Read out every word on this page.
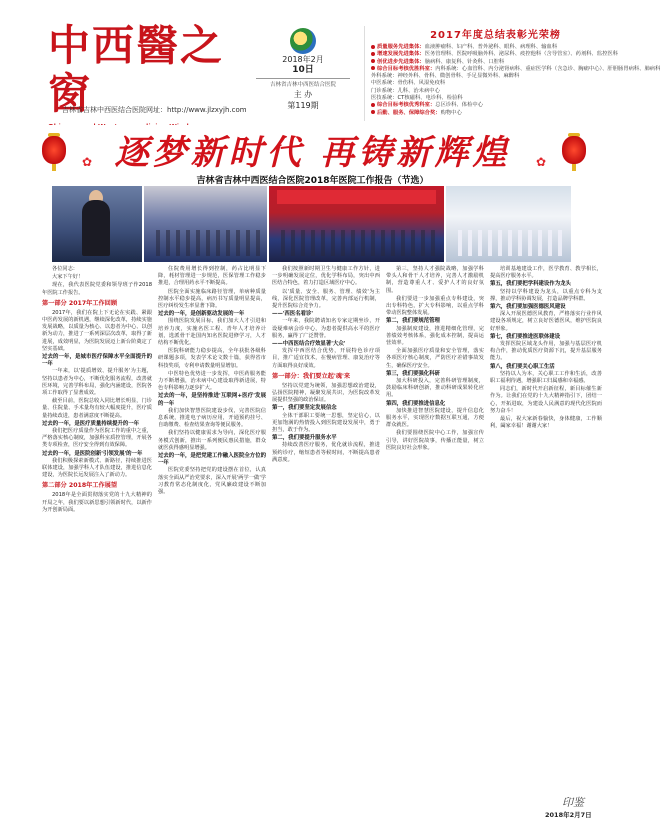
中西醫之窗
吉林省吉林中西医结合医院网址：http://www.jlzxyjh.com
2018年2月
10日
吉林省吉林中西医结合医院
主 办
第119期
2017年度总结表彰光荣榜
质量服务先进集体：血液肿瘤科、妇产科、普外泌科、眼科、病理科、输血科
增速发展先进集体：医务管理科、医院呼吸脑外科、泌尿科、疫控他科（含导管室）、药剂科、监控医科
创优进步先进集体：脑病科、康复科、针灸科、口腔科
综合目标考核优胜科室：内科系统：心血管科、内分泌肾病科、重症医学科（含急诊、胸痛中心）、肝胆肠胃病科、肺病科
外科系统：神经外科、骨科、微创骨科、手足显微外科、麻醉科
中医系统：骨伤科、风湿免疫科
门诊系统：儿科、治未病中心
医技系统：CT核磁科、电诊科、检验科
综合目标考核优秀科室：总区诊科、体检中心
后勤、服务、保障综合奖：购物中心
✿	✿
逐梦新时代 再铸新辉煌
吉林省吉林中西医结合医院2018年医院工作报告（节选）

各位同志：

大家下午好！

现在，我代表医院党委和领导班子作2018年医院工作报告。

第一部分 2017年工作回顾

2017年，我们在院上下无论在实践、紧跟中医药发展的新机遇，继续深化改革，持续实施发展战略，以质量为核心、以患者为中心、以创新为动力，推进了一系列深层次改革，取得了新进展，成效明显，为医院发展迈上新台阶奠定了坚实基础。

过去的一年，是城市医疗保障水平全面提升的一年

一年来，以'提质增效、提升服务'为主题，坚持以患者为中心，不断优化服务流程，改善就医环境，完善学科布局，强化内涵建设，医院各项工作取得了显著成效。

截至目前，医院总收入同比增长明显，门诊量、住院量、手术量均有较大幅度提升，医疗质量持续改进，患者满意度不断提高。

过去的一年，是医疗质量持续提升的一年

我们把医疗质量作为医院工作的重中之重，严格落实核心制度，加强科室质控管理，开展各类专项检查，医疗安全得到有效保障。

过去的一年，是医院创新'引领发展'的一年

我们积极探索新模式、新路径，持续推进医联体建设，加强学科人才队伍建设，推进信息化建设，为医院长远发展注入了新动力。

第二部分 2018年工作展望

2018年是全面贯彻落实党的十九大精神的开局之年，我们要以新思想引领新时代，以新作为开创新局面。

住院费用增长得到控制，药占比明显下降，耗材管理进一步规范，医保管理工作稳步推进，合理用药水平不断提高。

医院全面实施临床路径管理，单病种质量控制水平稳步提高，病历书写质量明显提高，医疗纠纷发生率显著下降。

过去的一年，是创新驱动发展的一年

围绕医院发展目标，我们加大人才引进和培养力度，实施名医工程、青年人才培养计划，选派骨干赴国内知名医院进修学习，人才结构不断优化。

医院科研能力稳步提高，全年获批各级科研课题多项，发表学术论文数十篇，获得省市科技奖项，专利申请数量明显增加。

中医特色优势进一步发挥，中医药服务能力不断增强，治未病中心建设取得新进展，特色专科影响力逐步扩大。

过去的一年，是坚持推进'互联网+医疗'发展的一年

我们加快智慧医院建设步伐，完善医院信息系统，推进电子病历应用，开通预约挂号、自助缴费、检查结果查询等便民服务。

我们坚持以健康需求为导向，深化医疗服务模式创新，推出一系列便民惠民措施，群众就医获得感明显增强。

过去的一年，是把党建工作融入医院全方位的一年

医院党委坚持把党的建设摆在首位，认真落实全面从严治党要求，深入开展'两学一做'学习教育常态化制度化，党风廉政建设不断加强。

我们按照新时期卫生与健康工作方针，进一步明确发展定位，优化学科布局，突出中西医结合特色，着力打造区域医疗中心。

以'质量、安全、服务、管理、绩效'为主线，深化医院管理改革，完善内部运行机制，提升医院综合竞争力。

——'西医名看诊'

一年来，我院聘请知名专家定期坐诊，开设疑难病会诊中心，为患者提供高水平的医疗服务，赢得了广泛赞誉。

——中西医结合疗效显著'大众'

发挥中西医结合优势，开展特色诊疗项目，推广适宜技术，在慢病管理、康复治疗等方面取得良好成效。

第一部分：我们要立起'魂'来

坚持以党建为统领，加强思想政治建设，弘扬医院精神，凝聚发展共识，为医院改革发展提供坚强的政治保证。

第一，我们要坚定发展信念

全体干部职工要统一思想，坚定信心，以更加饱满的热情投入到医院建设发展中，勇于担当，敢于作为。

第二，我们要提升服务水平

持续改善医疗服务，优化就诊流程，推进预约诊疗，缩短患者等候时间，不断提高患者满意度。

第三，坚持人才强院战略，加强学科带头人和骨干人才培养，完善人才激励机制，营造尊重人才、爱护人才的良好氛围。

我们要进一步加强重点专科建设，突出专科特色，扩大专科影响，以重点学科带动医院整体发展。

第二，我们要规范管理

加强制度建设，推进精细化管理，完善绩效考核体系，强化成本控制，提高运营效率。

全面加强医疗质量和安全管理，落实各项医疗核心制度，严防医疗差错事故发生，确保医疗安全。

第三，我们要强化科研

加大科研投入，完善科研管理制度，鼓励临床科研创新，推动科研成果转化应用。

第四，我们要推进信息化

加快推进智慧医院建设，提升信息化服务水平，实现医疗数据互联互通，方便群众就医。

我们要围绕医院中心工作，加强宣传引导，讲好医院故事，传播正能量，树立医院良好社会形象。

培训基地建设工作，医学教育、教学相长，提高医疗服务水平。

第五，我们要把学科建设作为龙头

坚持以学科建设为龙头，以重点专科为支撑，推动学科协调发展，打造品牌学科群。

第六，我们要加强医德医风建设

深入开展医德医风教育，严格落实行业作风建设各项规定，树立良好医德医风，维护医院良好形象。

第七，我们要推进医联体建设

发挥医院区域龙头作用，加强与基层医疗机构合作，推动优质医疗资源下沉，提升基层服务能力。

第八，我们要关心职工生活

坚持以人为本，关心职工工作和生活，改善职工福利待遇，增强职工归属感和幸福感。

同志们，新时代开启新征程，新目标催生新作为。让我们在党的十九大精神指引下，团结一心，开拓进取，为建设人民满意的现代化医院而努力奋斗！

最后，祝大家新春愉快，身体健康，工作顺利，阖家幸福！谢谢大家！

印鉴
2018年2月7日
